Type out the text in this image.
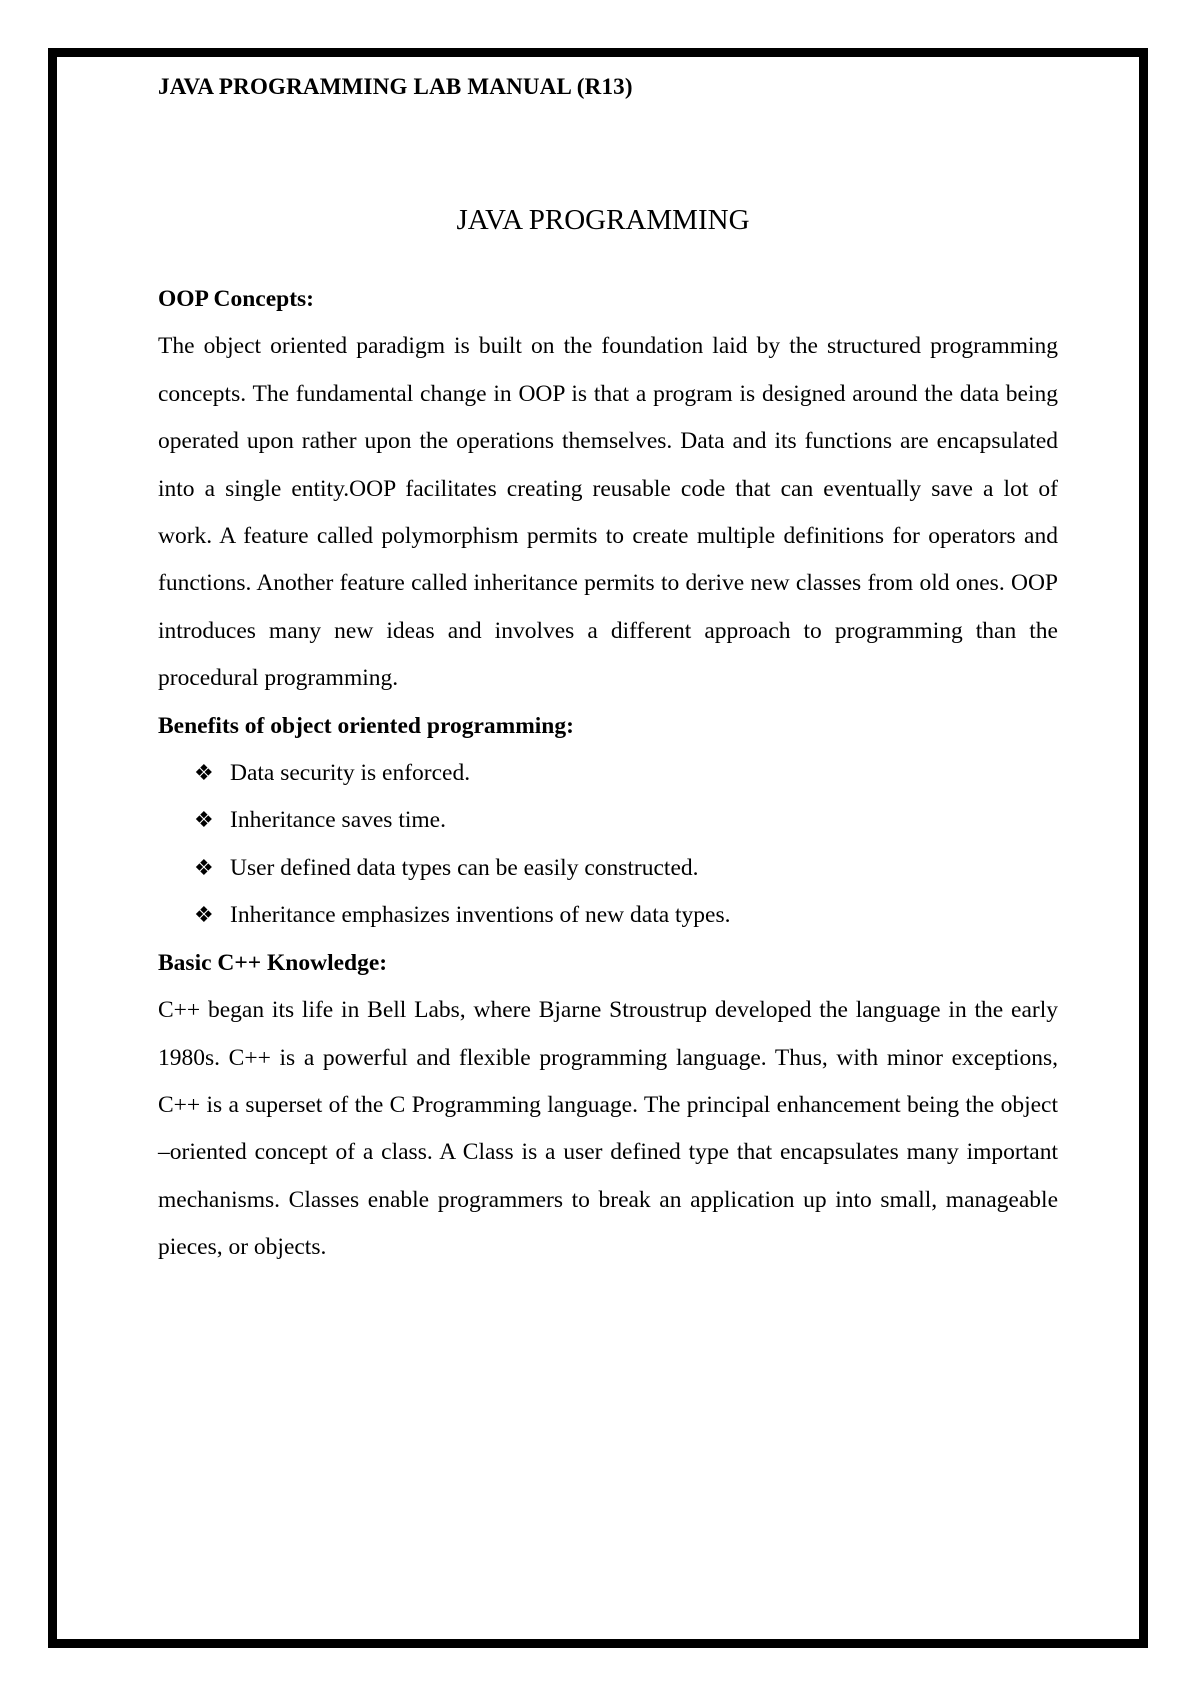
JAVA PROGRAMMING LAB MANUAL (R13)
JAVA PROGRAMMING

OOP Concepts:

The object oriented paradigm is built on the foundation laid by the structured programming concepts. The fundamental change in OOP is that a program is designed around the data being operated upon rather upon the operations themselves. Data and its functions are encapsulated into a single entity.OOP facilitates creating reusable code that can eventually save a lot of work. A feature called polymorphism permits to create multiple definitions for operators and functions. Another feature called inheritance permits to derive new classes from old ones. OOP introduces many new ideas and involves a different approach to programming than the procedural programming.

Benefits of object oriented programming:

❖ Data security is enforced.
❖ Inheritance saves time.
❖ User defined data types can be easily constructed.
❖ Inheritance emphasizes inventions of new data types.

Basic C++ Knowledge:

C++ began its life in Bell Labs, where Bjarne Stroustrup developed the language in the early 1980s. C++ is a powerful and flexible programming language. Thus, with minor exceptions, C++ is a superset of the C Programming language. The principal enhancement being the object –oriented concept of a class. A Class is a user defined type that encapsulates many important mechanisms. Classes enable programmers to break an application up into small, manageable pieces, or objects.
